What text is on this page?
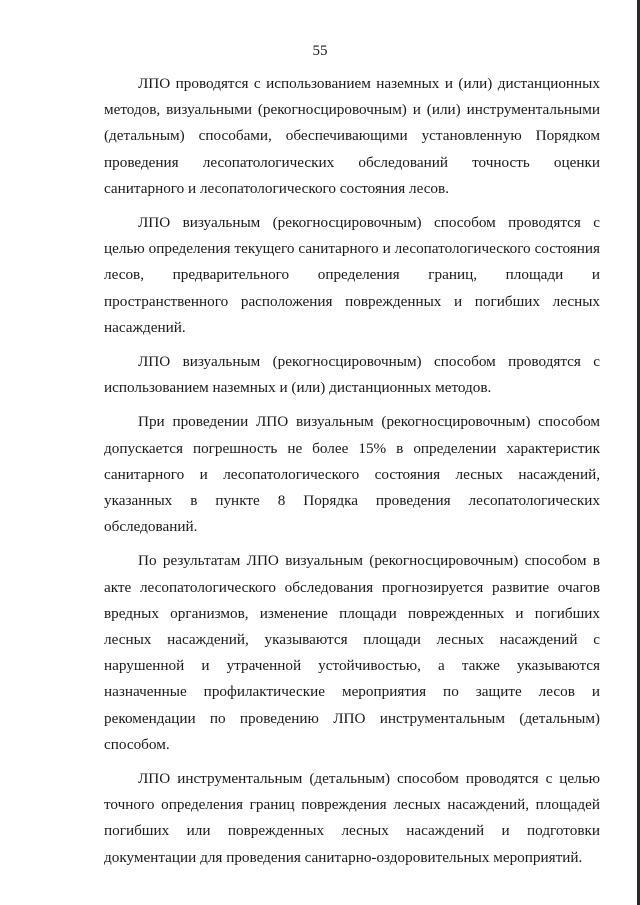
55

ЛПО проводятся с использованием наземных и (или) дистанционных методов, визуальными (рекогносцировочным) и (или) инструментальными (детальным) способами, обеспечивающими установленную Порядком проведения лесопатологических обследований точность оценки санитарного и лесопатологического состояния лесов.

ЛПО визуальным (рекогносцировочным) способом проводятся с целью определения текущего санитарного и лесопатологического состояния лесов, предварительного определения границ, площади и пространственного расположения поврежденных и погибших лесных насаждений.

ЛПО визуальным (рекогносцировочным) способом проводятся с использованием наземных и (или) дистанционных методов.

При проведении ЛПО визуальным (рекогносцировочным) способом допускается погрешность не более 15% в определении характеристик санитарного и лесопатологического состояния лесных насаждений, указанных в пункте 8 Порядка проведения лесопатологических обследований.

По результатам ЛПО визуальным (рекогносцировочным) способом в акте лесопатологического обследования прогнозируется развитие очагов вредных организмов, изменение площади поврежденных и погибших лесных насаждений, указываются площади лесных насаждений с нарушенной и утраченной устойчивостью, а также указываются назначенные профилактические мероприятия по защите лесов и рекомендации по проведению ЛПО инструментальным (детальным) способом.

ЛПО инструментальным (детальным) способом проводятся с целью точного определения границ повреждения лесных насаждений, площадей погибших или поврежденных лесных насаждений и подготовки документации для проведения санитарно-оздоровительных мероприятий.
